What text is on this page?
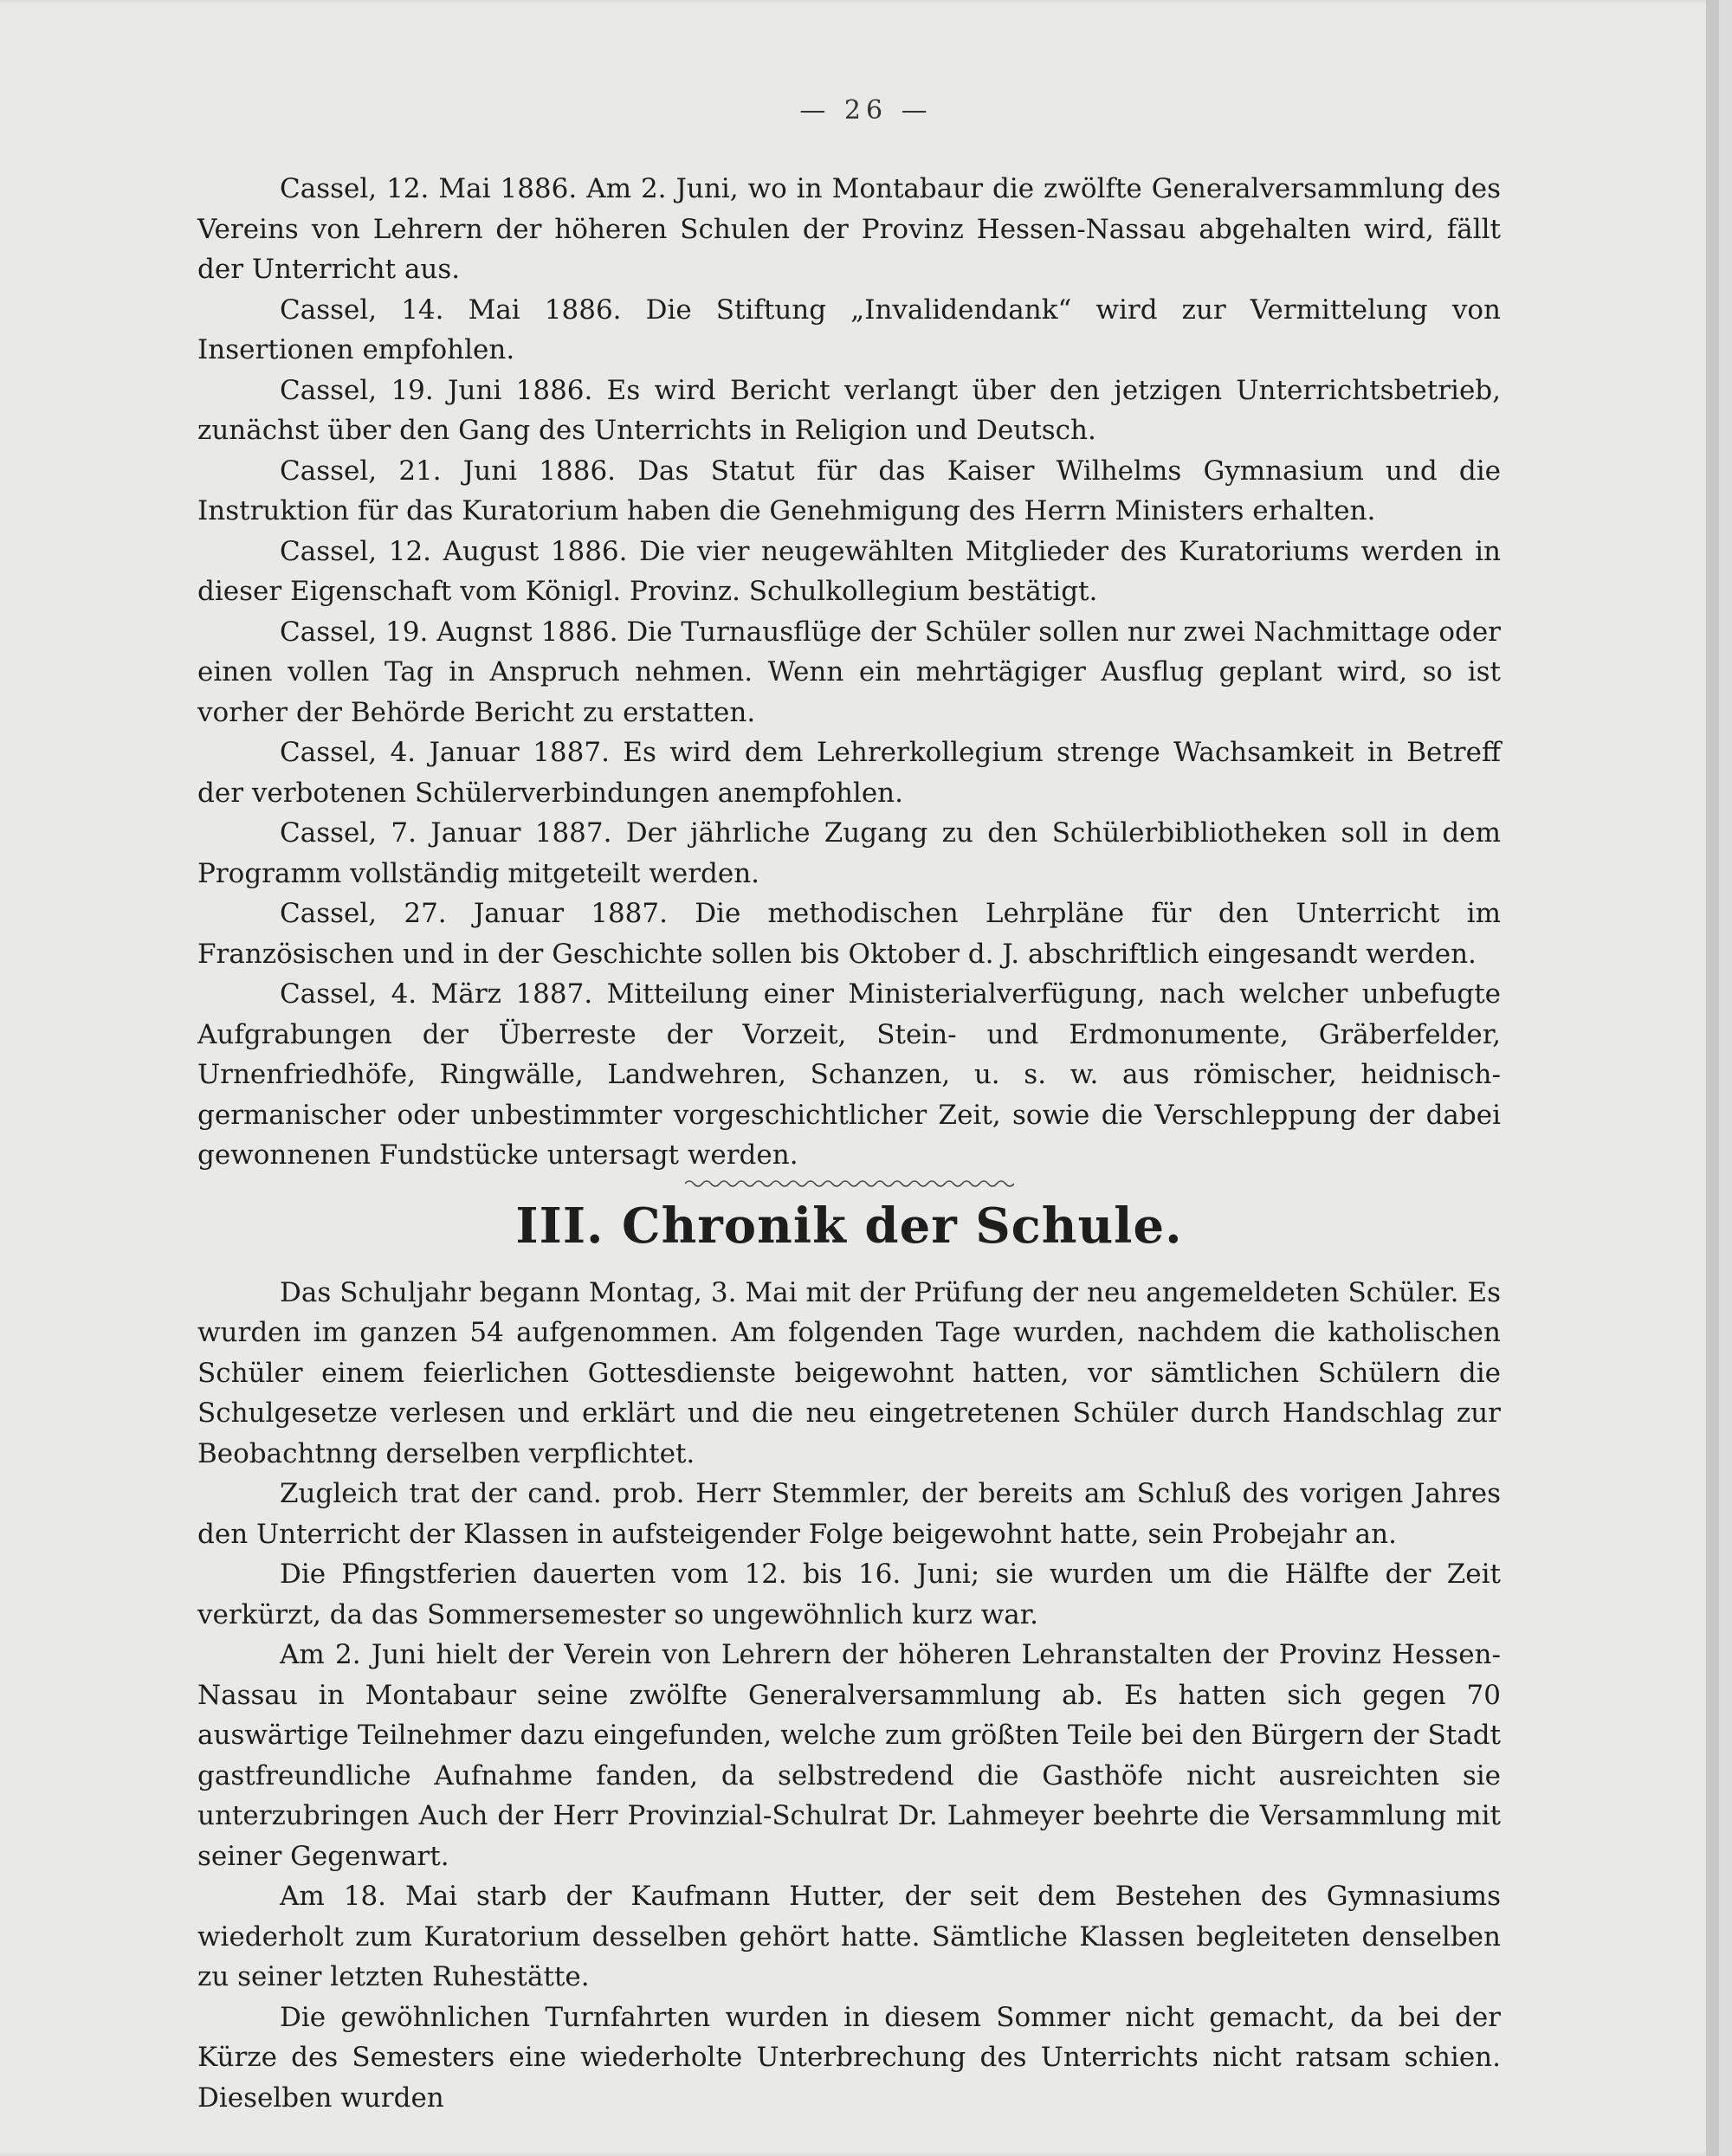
— 26 —

Cassel, 12. Mai 1886. Am 2. Juni, wo in Montabaur die zwölfte Generalversammlung des Vereins von Lehrern der höheren Schulen der Provinz Hessen-Nassau abgehalten wird, fällt der Unterricht aus.

Cassel, 14. Mai 1886. Die Stiftung „Invalidendank“ wird zur Vermittelung von Insertionen empfohlen.

Cassel, 19. Juni 1886. Es wird Bericht verlangt über den jetzigen Unterrichtsbetrieb, zunächst über den Gang des Unterrichts in Religion und Deutsch.

Cassel, 21. Juni 1886. Das Statut für das Kaiser Wilhelms Gymnasium und die Instruktion für das Kuratorium haben die Genehmigung des Herrn Ministers erhalten.

Cassel, 12. August 1886. Die vier neugewählten Mitglieder des Kuratoriums werden in dieser Eigenschaft vom Königl. Provinz. Schulkollegium bestätigt.

Cassel, 19. Augnst 1886. Die Turnausflüge der Schüler sollen nur zwei Nachmittage oder einen vollen Tag in Anspruch nehmen. Wenn ein mehrtägiger Ausflug geplant wird, so ist vorher der Behörde Bericht zu erstatten.

Cassel, 4. Januar 1887. Es wird dem Lehrerkollegium strenge Wachsamkeit in Betreff der verbotenen Schülerverbindungen anempfohlen.

Cassel, 7. Januar 1887. Der jährliche Zugang zu den Schülerbibliotheken soll in dem Programm vollständig mitgeteilt werden.

Cassel, 27. Januar 1887. Die methodischen Lehrpläne für den Unterricht im Französischen und in der Geschichte sollen bis Oktober d. J. abschriftlich eingesandt werden.

Cassel, 4. März 1887. Mitteilung einer Ministerialverfügung, nach welcher unbefugte Aufgrabungen der Überreste der Vorzeit, Stein- und Erdmonumente, Gräberfelder, Urnenfriedhöfe, Ringwälle, Landwehren, Schanzen, u. s. w. aus römischer, heidnisch-germanischer oder unbestimmter vorgeschichtlicher Zeit, sowie die Verschleppung der dabei gewonnenen Fundstücke untersagt werden.

III. Chronik der Schule.

Das Schuljahr begann Montag, 3. Mai mit der Prüfung der neu angemeldeten Schüler. Es wurden im ganzen 54 aufgenommen. Am folgenden Tage wurden, nachdem die katholischen Schüler einem feierlichen Gottesdienste beigewohnt hatten, vor sämtlichen Schülern die Schulgesetze verlesen und erklärt und die neu eingetretenen Schüler durch Handschlag zur Beobachtnng derselben verpflichtet.

Zugleich trat der cand. prob. Herr Stemmler, der bereits am Schluß des vorigen Jahres den Unterricht der Klassen in aufsteigender Folge beigewohnt hatte, sein Probejahr an.

Die Pfingstferien dauerten vom 12. bis 16. Juni; sie wurden um die Hälfte der Zeit verkürzt, da das Sommersemester so ungewöhnlich kurz war.

Am 2. Juni hielt der Verein von Lehrern der höheren Lehranstalten der Provinz Hessen-Nassau in Montabaur seine zwölfte Generalversammlung ab. Es hatten sich gegen 70 auswärtige Teilnehmer dazu eingefunden, welche zum größten Teile bei den Bürgern der Stadt gastfreundliche Aufnahme fanden, da selbstredend die Gasthöfe nicht ausreichten sie unterzubringen Auch der Herr Provinzial-Schulrat Dr. Lahmeyer beehrte die Versammlung mit seiner Gegenwart.

Am 18. Mai starb der Kaufmann Hutter, der seit dem Bestehen des Gymnasiums wiederholt zum Kuratorium desselben gehört hatte. Sämtliche Klassen begleiteten denselben zu seiner letzten Ruhestätte.

Die gewöhnlichen Turnfahrten wurden in diesem Sommer nicht gemacht, da bei der Kürze des Semesters eine wiederholte Unterbrechung des Unterrichts nicht ratsam schien. Dieselben wurden
